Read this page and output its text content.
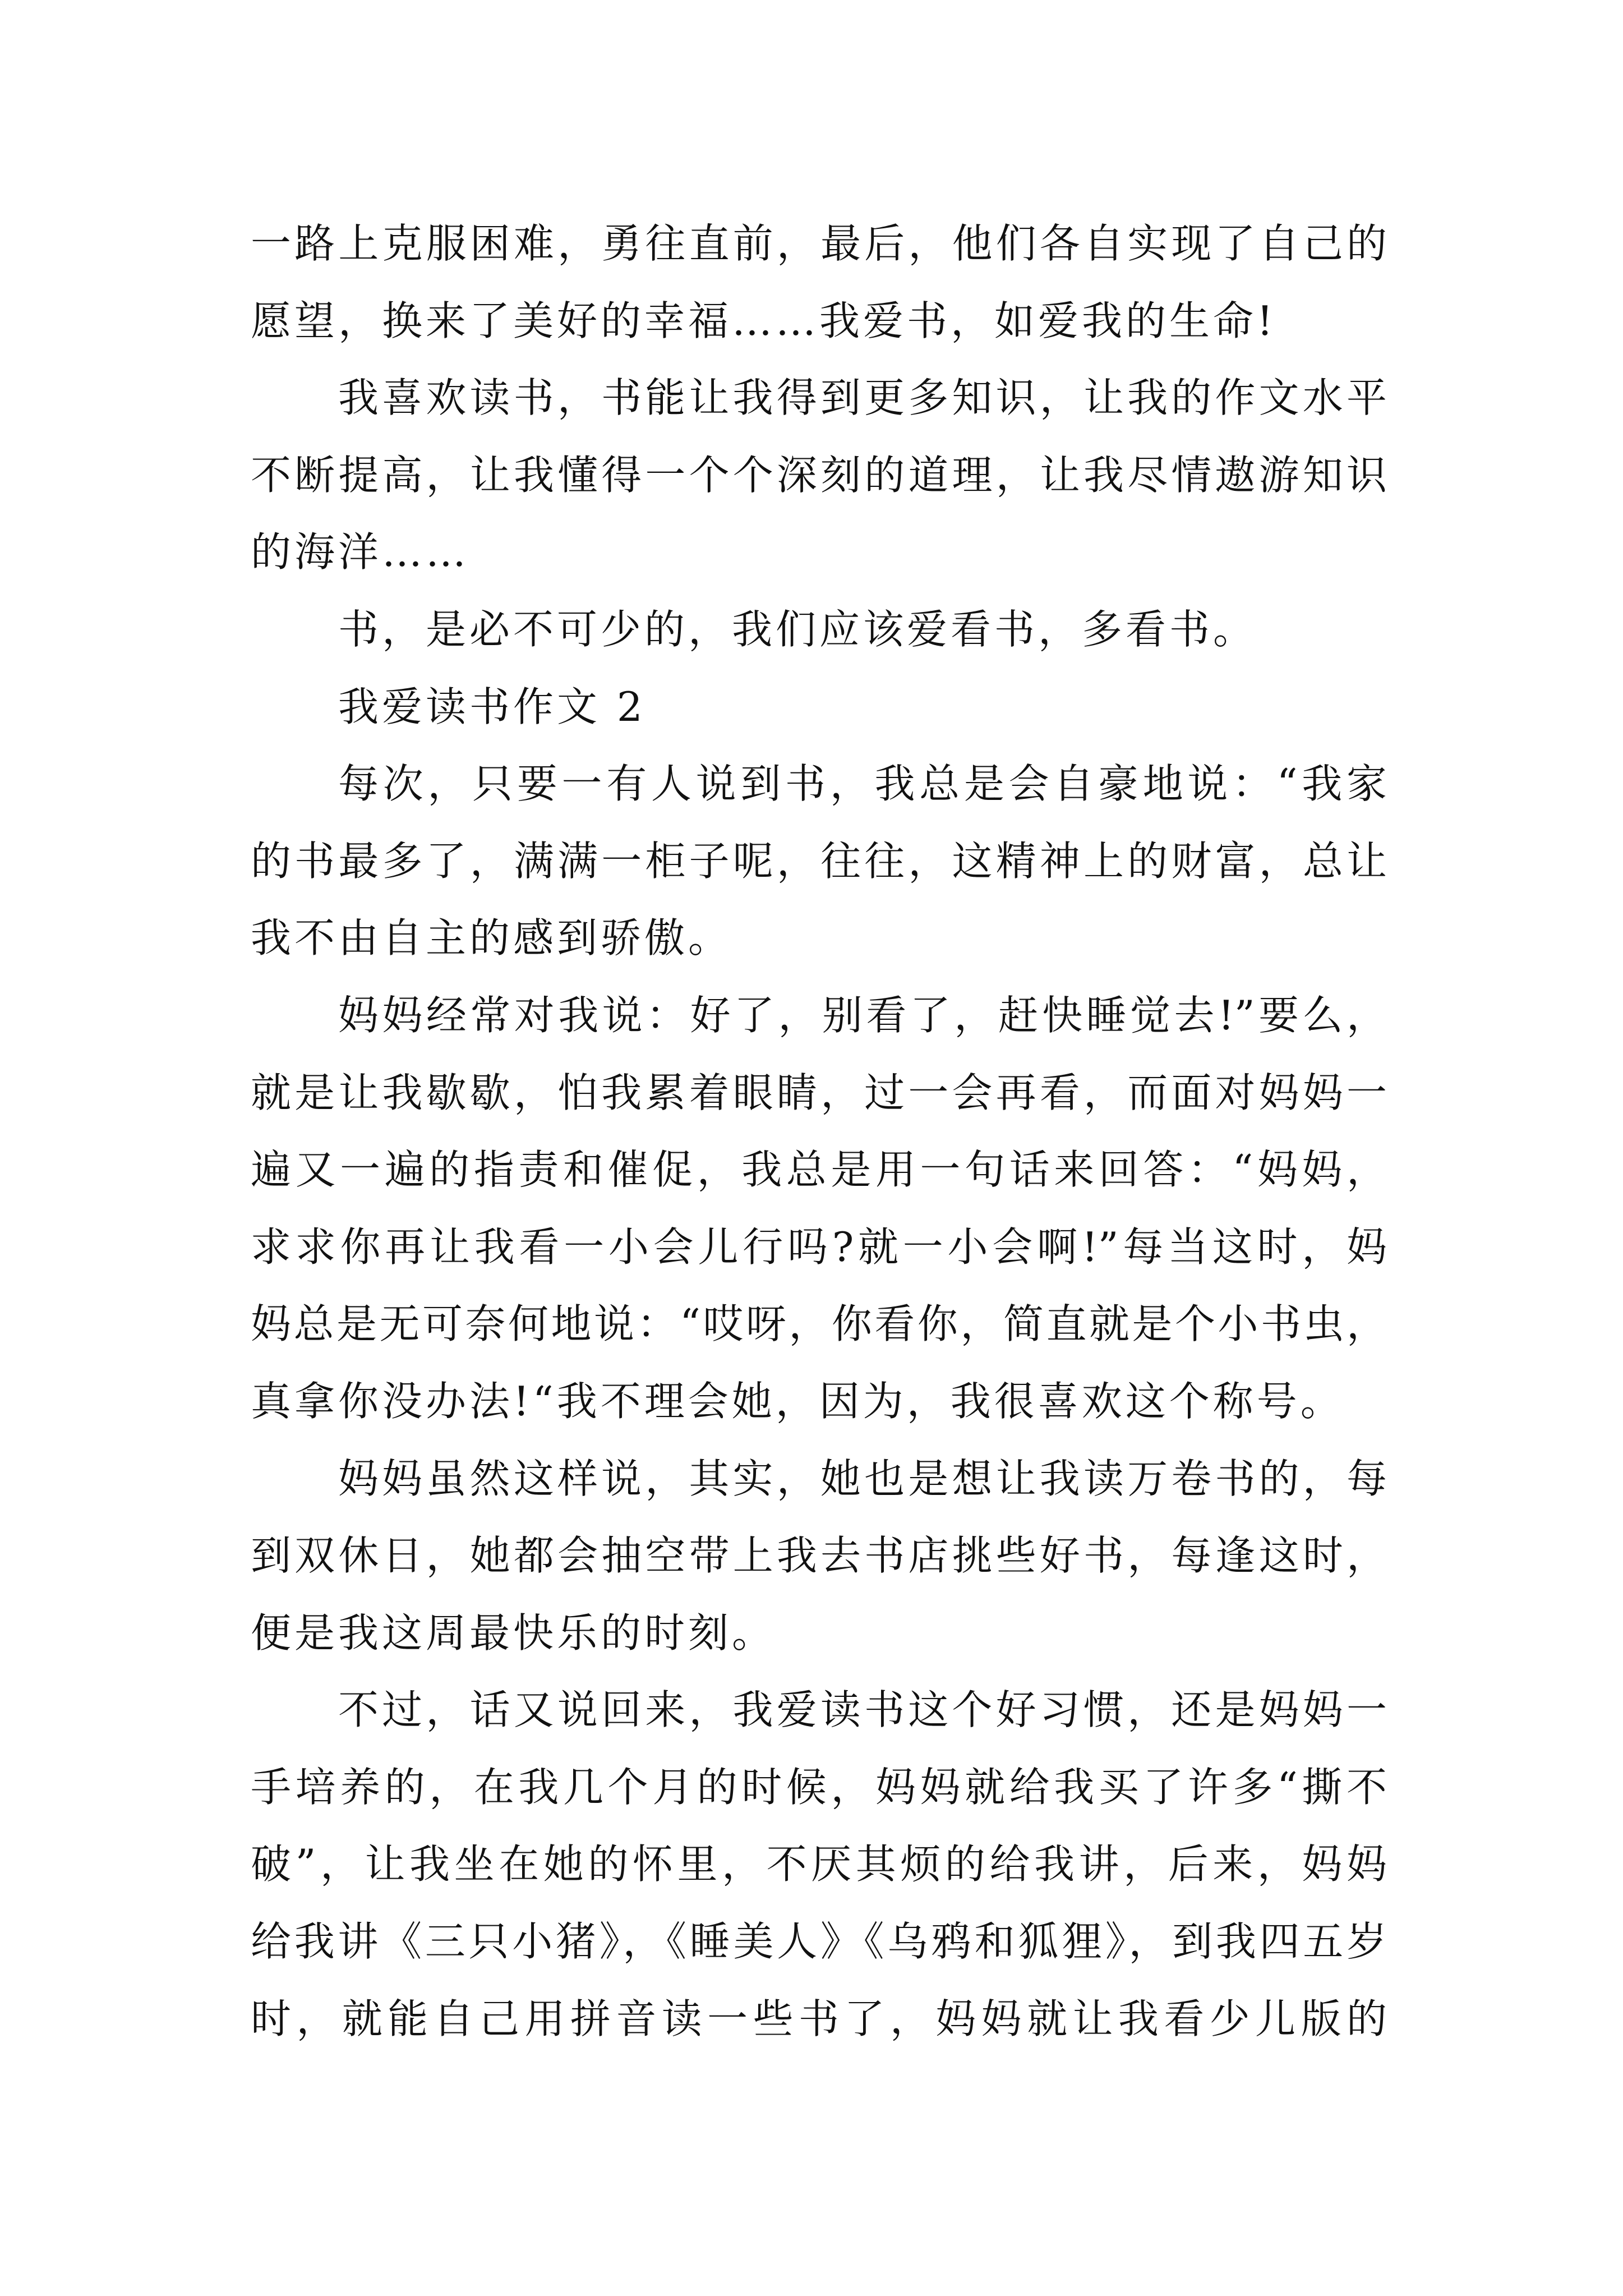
一路上克服困难，勇往直前，最后，他们各自实现了自己的
愿望，换来了美好的幸福……我爱书，如爱我的生命!
我喜欢读书，书能让我得到更多知识，让我的作文水平
不断提高，让我懂得一个个深刻的道理，让我尽情遨游知识
的海洋……
书，是必不可少的，我们应该爱看书，多看书。
我爱读书作文 2
每次，只要一有人说到书，我总是会自豪地说：“我家
的书最多了，满满一柜子呢，往往，这精神上的财富，总让
我不由自主的感到骄傲。
妈妈经常对我说：好了，别看了，赶快睡觉去!”要么，
就是让我歇歇，怕我累着眼睛，过一会再看，而面对妈妈一
遍又一遍的指责和催促，我总是用一句话来回答：“妈妈，
求求你再让我看一小会儿行吗?就一小会啊!”每当这时，妈
妈总是无可奈何地说：“哎呀，你看你，简直就是个小书虫，
真拿你没办法!“我不理会她，因为，我很喜欢这个称号。
妈妈虽然这样说，其实，她也是想让我读万卷书的，每
到双休日，她都会抽空带上我去书店挑些好书，每逢这时，
便是我这周最快乐的时刻。
不过，话又说回来，我爱读书这个好习惯，还是妈妈一
手培养的，在我几个月的时候，妈妈就给我买了许多“撕不
破”，让我坐在她的怀里，不厌其烦的给我讲，后来，妈妈
给我讲《三只小猪》，《睡美人》《乌鸦和狐狸》，到我四五岁
时，就能自己用拼音读一些书了，妈妈就让我看少儿版的
